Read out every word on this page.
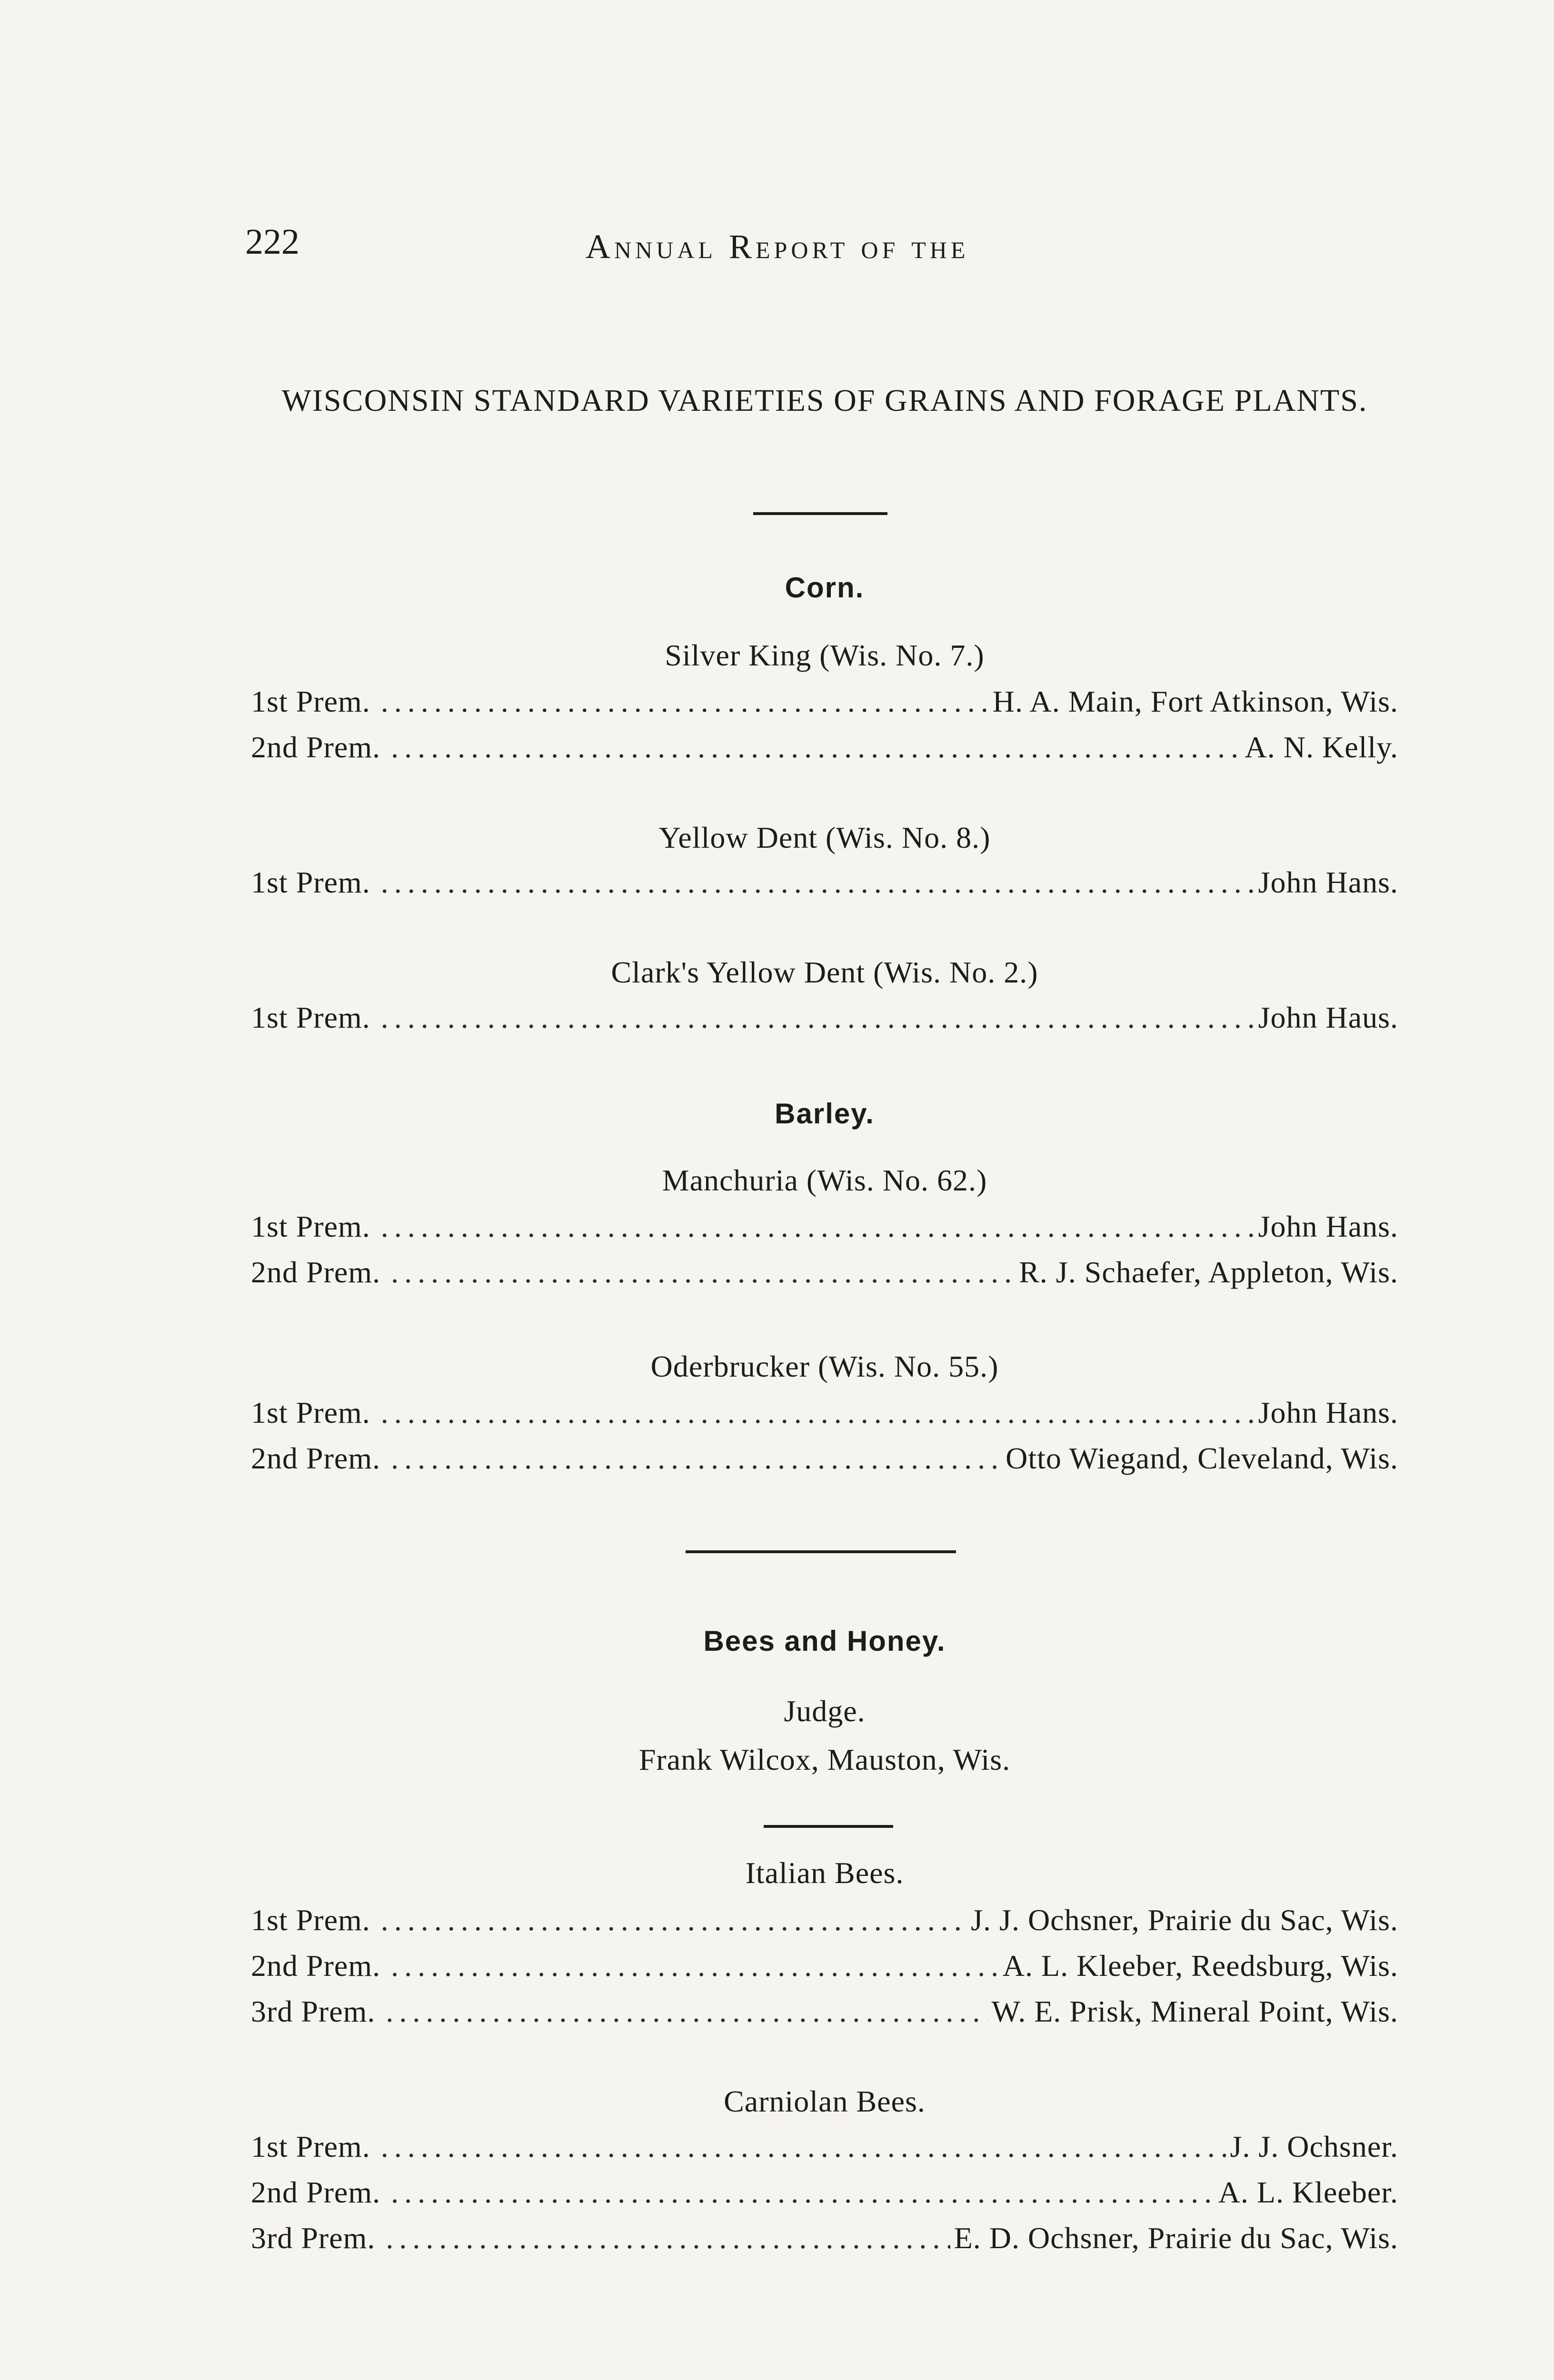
222	Annual Report of the
WISCONSIN STANDARD VARIETIES OF GRAINS AND FORAGE PLANTS.
Corn.
Silver King (Wis. No. 7.)
1st Prem. .....	H. A. Main, Fort Atkinson, Wis.
2nd Prem. .....	A. N. Kelly.
Yellow Dent (Wis. No. 8.)
1st Prem. .....	John Hans.
Clark's Yellow Dent (Wis. No. 2.)
1st Prem. .....	John Haus.
Barley.
Manchuria (Wis. No. 62.)
1st Prem. .....	John Hans.
2nd Prem. .....	R. J. Schaefer, Appleton, Wis.
Oderbrucker (Wis. No. 55.)
1st Prem. .....	John Hans.
2nd Prem. .....	Otto Wiegand, Cleveland, Wis.
Bees and Honey.
Judge.
Frank Wilcox, Mauston, Wis.
Italian Bees.
1st Prem. .....	J. J. Ochsner, Prairie du Sac, Wis.
2nd Prem. .....	A. L. Kleeber, Reedsburg, Wis.
3rd Prem. .....	W. E. Prisk, Mineral Point, Wis.
Carniolan Bees.
1st Prem. .....	J. J. Ochsner.
2nd Prem. .....	A. L. Kleeber.
3rd Prem. .....	E. D. Ochsner, Prairie du Sac, Wis.
